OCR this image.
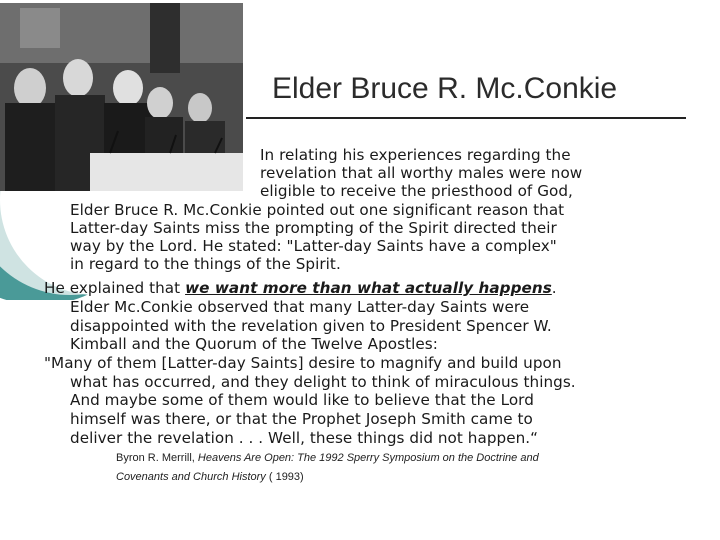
Elder Bruce R. Mc.Conkie
In relating his experiences regarding the
revelation that all worthy males were now
eligible to receive the priesthood of God,
Elder Bruce R. Mc.Conkie pointed out one significant reason that
Latter-day Saints miss the prompting of the Spirit directed their
way by the Lord. He stated: "Latter-day Saints have a complex"
in regard to the things of the Spirit.
He explained that we want more than what actually happens.
Elder Mc.Conkie observed that many Latter-day Saints were
disappointed with the revelation given to President Spencer W.
Kimball and the Quorum of the Twelve Apostles:
"Many of them [Latter-day Saints] desire to magnify and build upon
what has occurred, and they delight to think of miraculous things.
And maybe some of them would like to believe that the Lord
himself was there, or that the Prophet Joseph Smith came to
deliver the revelation . . . Well, these things did not happen.“
Byron R. Merrill, Heavens Are Open: The 1992 Sperry Symposium on the Doctrine and
Covenants and Church History ( 1993)
